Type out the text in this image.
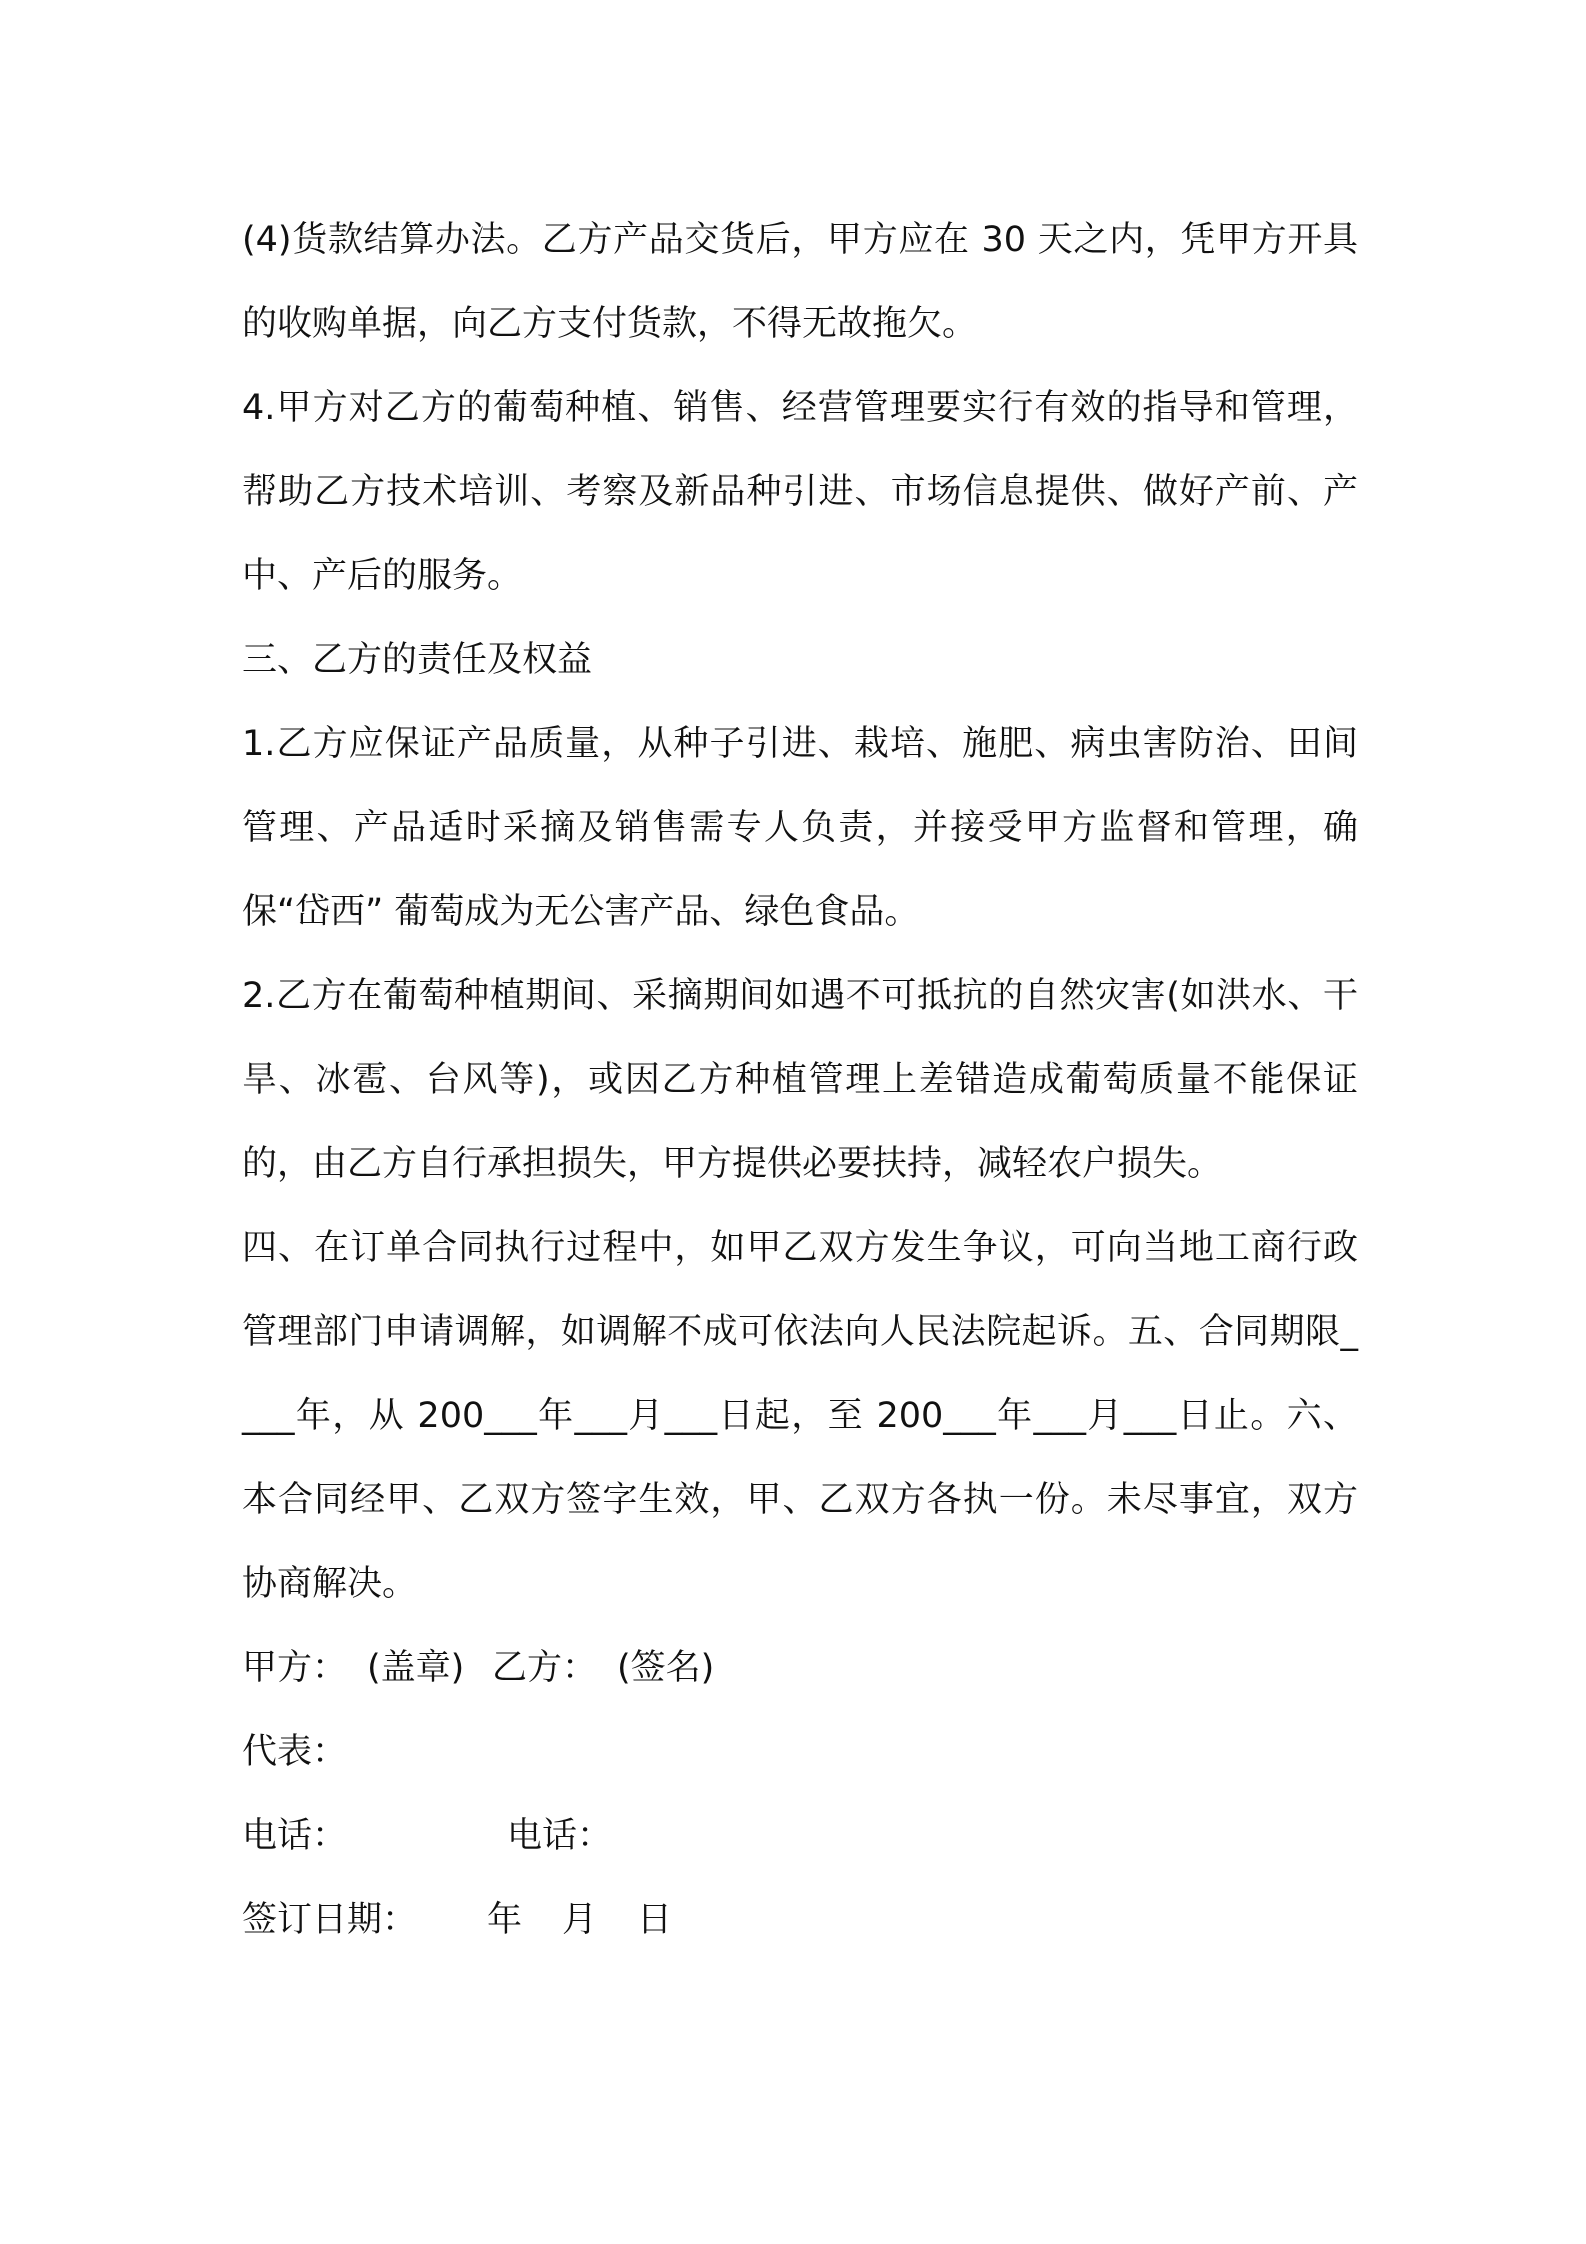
(4)货款结算办法。乙方产品交货后，甲方应在 30 天之内，凭甲方开具的收购单据，向乙方支付货款，不得无故拖欠。

4.甲方对乙方的葡萄种植、销售、经营管理要实行有效的指导和管理，帮助乙方技术培训、考察及新品种引进、市场信息提供、做好产前、产中、产后的服务。

三、乙方的责任及权益

1.乙方应保证产品质量，从种子引进、栽培、施肥、病虫害防治、田间管理、产品适时采摘及销售需专人负责，并接受甲方监督和管理，确保“岱西” 葡萄成为无公害产品、绿色食品。

2.乙方在葡萄种植期间、采摘期间如遇不可抵抗的自然灾害(如洪水、干旱、冰雹、台风等)，或因乙方种植管理上差错造成葡萄质量不能保证的，由乙方自行承担损失，甲方提供必要扶持，减轻农户损失。

四、在订单合同执行过程中，如甲乙双方发生争议，可向当地工商行政管理部门申请调解，如调解不成可依法向人民法院起诉。五、合同期限____年，从 200___年___月___日起，至 200___年___月___日止。六、本合同经甲、乙双方签字生效，甲、乙双方各执一份。未尽事宜，双方协商解决。

甲方： (盖章) 乙方： (签名)
代表：
电话：	电话：
签订日期：	年	月	日
